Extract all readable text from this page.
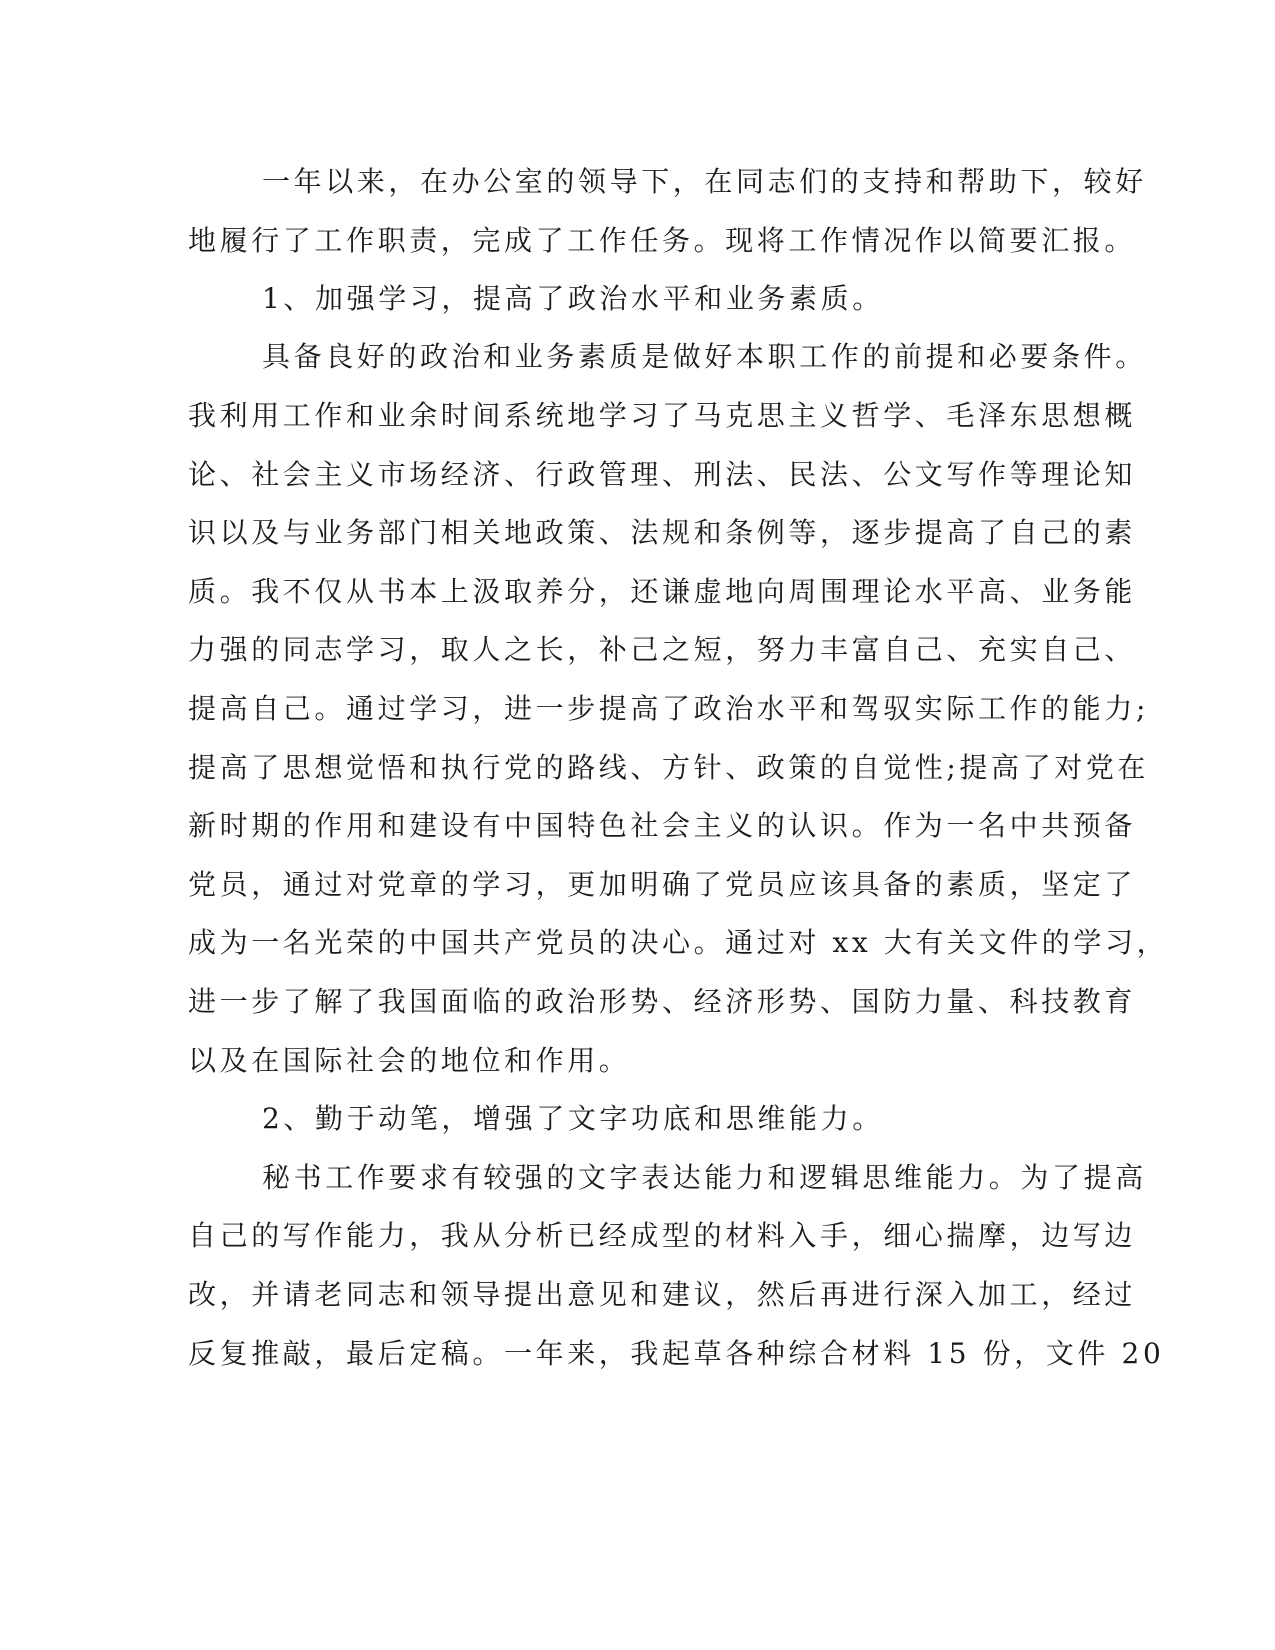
一年以来，在办公室的领导下，在同志们的支持和帮助下，较好
地履行了工作职责，完成了工作任务。现将工作情况作以简要汇报。
1、加强学习，提高了政治水平和业务素质。
具备良好的政治和业务素质是做好本职工作的前提和必要条件。
我利用工作和业余时间系统地学习了马克思主义哲学、毛泽东思想概
论、社会主义市场经济、行政管理、刑法、民法、公文写作等理论知
识以及与业务部门相关地政策、法规和条例等，逐步提高了自己的素
质。我不仅从书本上汲取养分，还谦虚地向周围理论水平高、业务能
力强的同志学习，取人之长，补己之短，努力丰富自己、充实自己、
提高自己。通过学习，进一步提高了政治水平和驾驭实际工作的能力;
提高了思想觉悟和执行党的路线、方针、政策的自觉性;提高了对党在
新时期的作用和建设有中国特色社会主义的认识。作为一名中共预备
党员，通过对党章的学习，更加明确了党员应该具备的素质，坚定了
成为一名光荣的中国共产党员的决心。通过对 xx 大有关文件的学习，
进一步了解了我国面临的政治形势、经济形势、国防力量、科技教育
以及在国际社会的地位和作用。
2、勤于动笔，增强了文字功底和思维能力。
秘书工作要求有较强的文字表达能力和逻辑思维能力。为了提高
自己的写作能力，我从分析已经成型的材料入手，细心揣摩，边写边
改，并请老同志和领导提出意见和建议，然后再进行深入加工，经过
反复推敲，最后定稿。一年来，我起草各种综合材料 15 份，文件 20
